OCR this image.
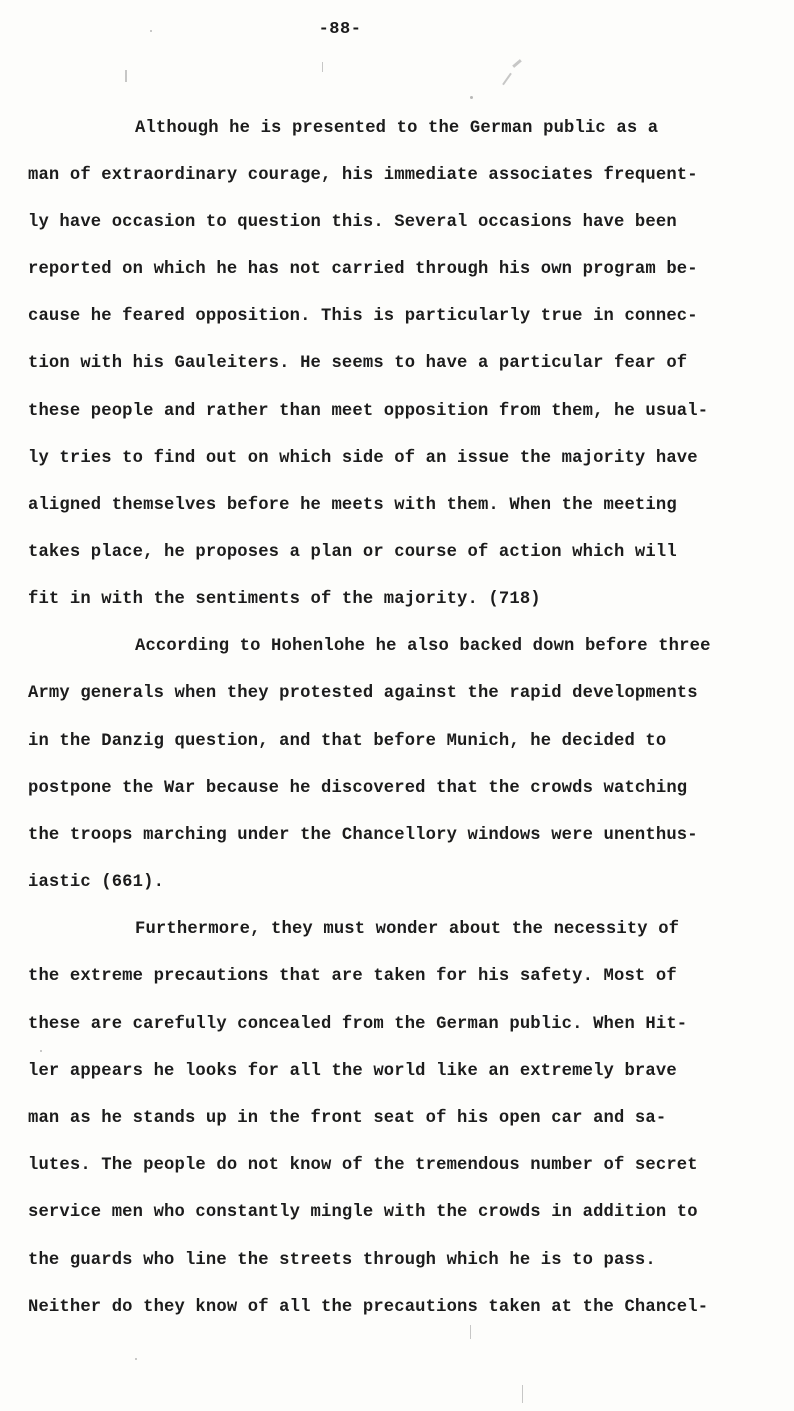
-88-
Although he is presented to the German public as a
man of extraordinary courage, his immediate associates frequent-
ly have occasion to question this. Several occasions have been
reported on which he has not carried through his own program be-
cause he feared opposition. This is particularly true in connec-
tion with his Gauleiters. He seems to have a particular fear of
these people and rather than meet opposition from them, he usual-
ly tries to find out on which side of an issue the majority have
aligned themselves before he meets with them. When the meeting
takes place, he proposes a plan or course of action which will
fit in with the sentiments of the majority. (718)
According to Hohenlohe he also backed down before three
Army generals when they protested against the rapid developments
in the Danzig question, and that before Munich, he decided to
postpone the War because he discovered that the crowds watching
the troops marching under the Chancellory windows were unenthus-
iastic (661).
Furthermore, they must wonder about the necessity of
the extreme precautions that are taken for his safety. Most of
these are carefully concealed from the German public. When Hit-
ler appears he looks for all the world like an extremely brave
man as he stands up in the front seat of his open car and sa-
lutes. The people do not know of the tremendous number of secret
service men who constantly mingle with the crowds in addition to
the guards who line the streets through which he is to pass.
Neither do they know of all the precautions taken at the Chancel-
